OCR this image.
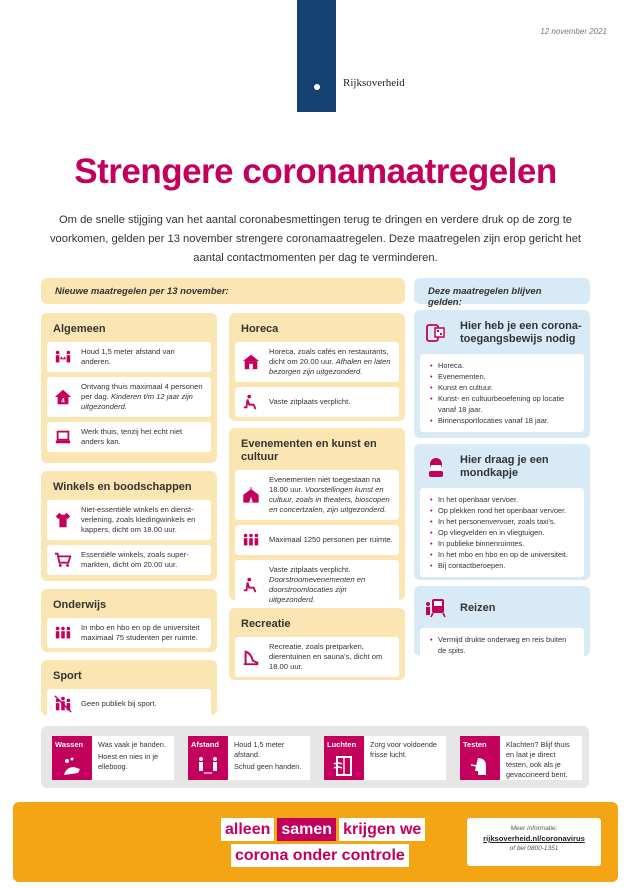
Rijksoverheid
12 november 2021
Strengere coronamaatregelen

Om de snelle stijging van het aantal coronabesmettingen terug te dringen en verdere druk op de zorg te voorkomen, gelden per 13 november strengere coronamaatregelen. Deze maatregelen zijn erop gericht het aantal contactmomenten per dag te verminderen.

Nieuwe maatregelen per 13 november:	Deze maatregelen blijven gelden:
Algemeen
Houd 1,5 meter afstand van anderen.
4
Ontvang thuis maximaal 4 personen per dag. Kinderen t/m 12 jaar zijn uitgezonderd.
Werk thuis, tenzij het echt niet anders kan.
Winkels en boodschappen
Niet-essentiële winkels en dienst-verlening, zoals kledingwinkels en kappers, dicht om 18.00 uur.
Essentiële winkels, zoals super-markten, dicht om 20.00 uur.
Onderwijs
In mbo en hbo en op de universiteit maximaal 75 studenten per ruimte.
Sport
Geen publiek bij sport.
Horeca
Horeca, zoals cafés en restaurants, dicht om 20.00 uur. Afhalen en laten bezorgen zijn uitgezonderd.
Vaste zitplaats verplicht.
Evenementen en kunst en cultuur
Evenementen niet toegestaan na 18.00 uur. Voorstellingen kunst en cultuur, zoals in theaters, bioscopen en concertzalen, zijn uitgezonderd.
Maximaal 1250 personen per ruimte.
Vaste zitplaats verplicht. Doorstroomevenementen en doorstroomlocaties zijn uitgezonderd.
Recreatie
Recreatie, zoals pretparken, dierentuinen en sauna's, dicht om 18.00 uur.
Hier heb je een corona-toegangsbewijs nodig
• Horeca.
• Evenementen.
• Kunst en cultuur.
• Kunst- en cultuurbeoefening op locatie vanaf 18 jaar.
• Binnensportlocaties vanaf 18 jaar.
Hier draag je een mondkapje
• In het openbaar vervoer.
• Op plekken rond het openbaar vervoer.
• In het personenvervoer, zoals taxi's.
• Op vliegvelden en in vliegtuigen.
• In publieke binnenruimtes.
• In het mbo en hbo en op de universiteit.
• Bij contactberoepen.
Reizen
• Vermijd drukte onderweg en reis buiten de spits.
Wassen	Was vaak je handen.

Hoest en nies in je elleboog.

Afstand	Houd 1,5 meter afstand.

Schud geen handen.

Luchten	Zorg voor voldoende frisse lucht.

Testen	Klachten? Blijf thuis en laat je direct testen, ook als je gevaccineerd bent.

alleen samen krijgen we
corona onder controle
Meer informatie:
rijksoverheid.nl/coronavirus
of bel 0800-1351
